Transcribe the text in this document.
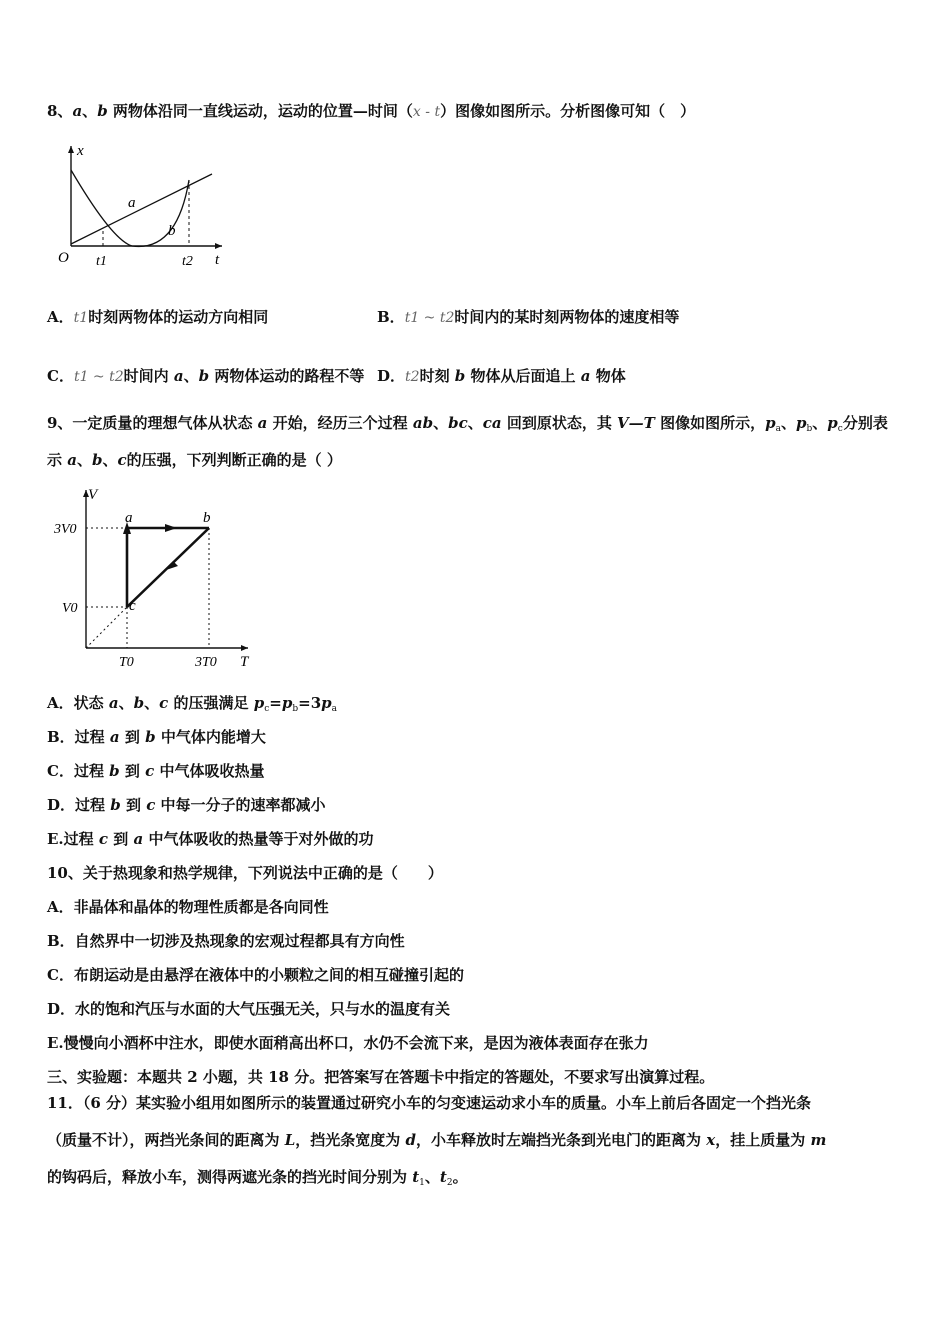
8、a、b 两物体沿同一直线运动，运动的位置—时间（x - t）图像如图所示。分析图像可知（　）
x
t
O
a
b
t1	t2
A．t1时刻两物体的运动方向相同	B．t1 ~ t2时间内的某时刻两物体的速度相等
C．t1 ~ t2时间内 a、b 两物体运动的路程不等 D．t2时刻 b 物体从后面追上 a 物体
9、一定质量的理想气体从状态 a 开始，经历三个过程 ab、bc、ca 回到原状态，其 V—T 图像如图所示，$p_a$、$p_b$、$p_c$分别表
示 a、b、c的压强，下列判断正确的是（ ）
V
T
3V0
V0
T0	3T0
a	b
c
A．状态 a、b、c 的压强满足 $p_c=p_b=3p_a$
B．过程 a 到 b 中气体内能增大
C．过程 b 到 c 中气体吸收热量
D．过程 b 到 c 中每一分子的速率都减小
E.过程 c 到 a 中气体吸收的热量等于对外做的功
10、关于热现象和热学规律，下列说法中正确的是（　　）
A．非晶体和晶体的物理性质都是各向同性
B．自然界中一切涉及热现象的宏观过程都具有方向性
C．布朗运动是由悬浮在液体中的小颗粒之间的相互碰撞引起的
D．水的饱和汽压与水面的大气压强无关，只与水的温度有关
E.慢慢向小酒杯中注水，即使水面稍高出杯口，水仍不会流下来，是因为液体表面存在张力
三、实验题：本题共 2 小题，共 18 分。把答案写在答题卡中指定的答题处，不要求写出演算过程。
11．（6 分）某实验小组用如图所示的装置通过研究小车的匀变速运动求小车的质量。小车上前后各固定一个挡光条
（质量不计），两挡光条间的距离为 L，挡光条宽度为 d，小车释放时左端挡光条到光电门的距离为 x，挂上质量为 m
的钩码后，释放小车，测得两遮光条的挡光时间分别为 $t_1$、$t_2$。
